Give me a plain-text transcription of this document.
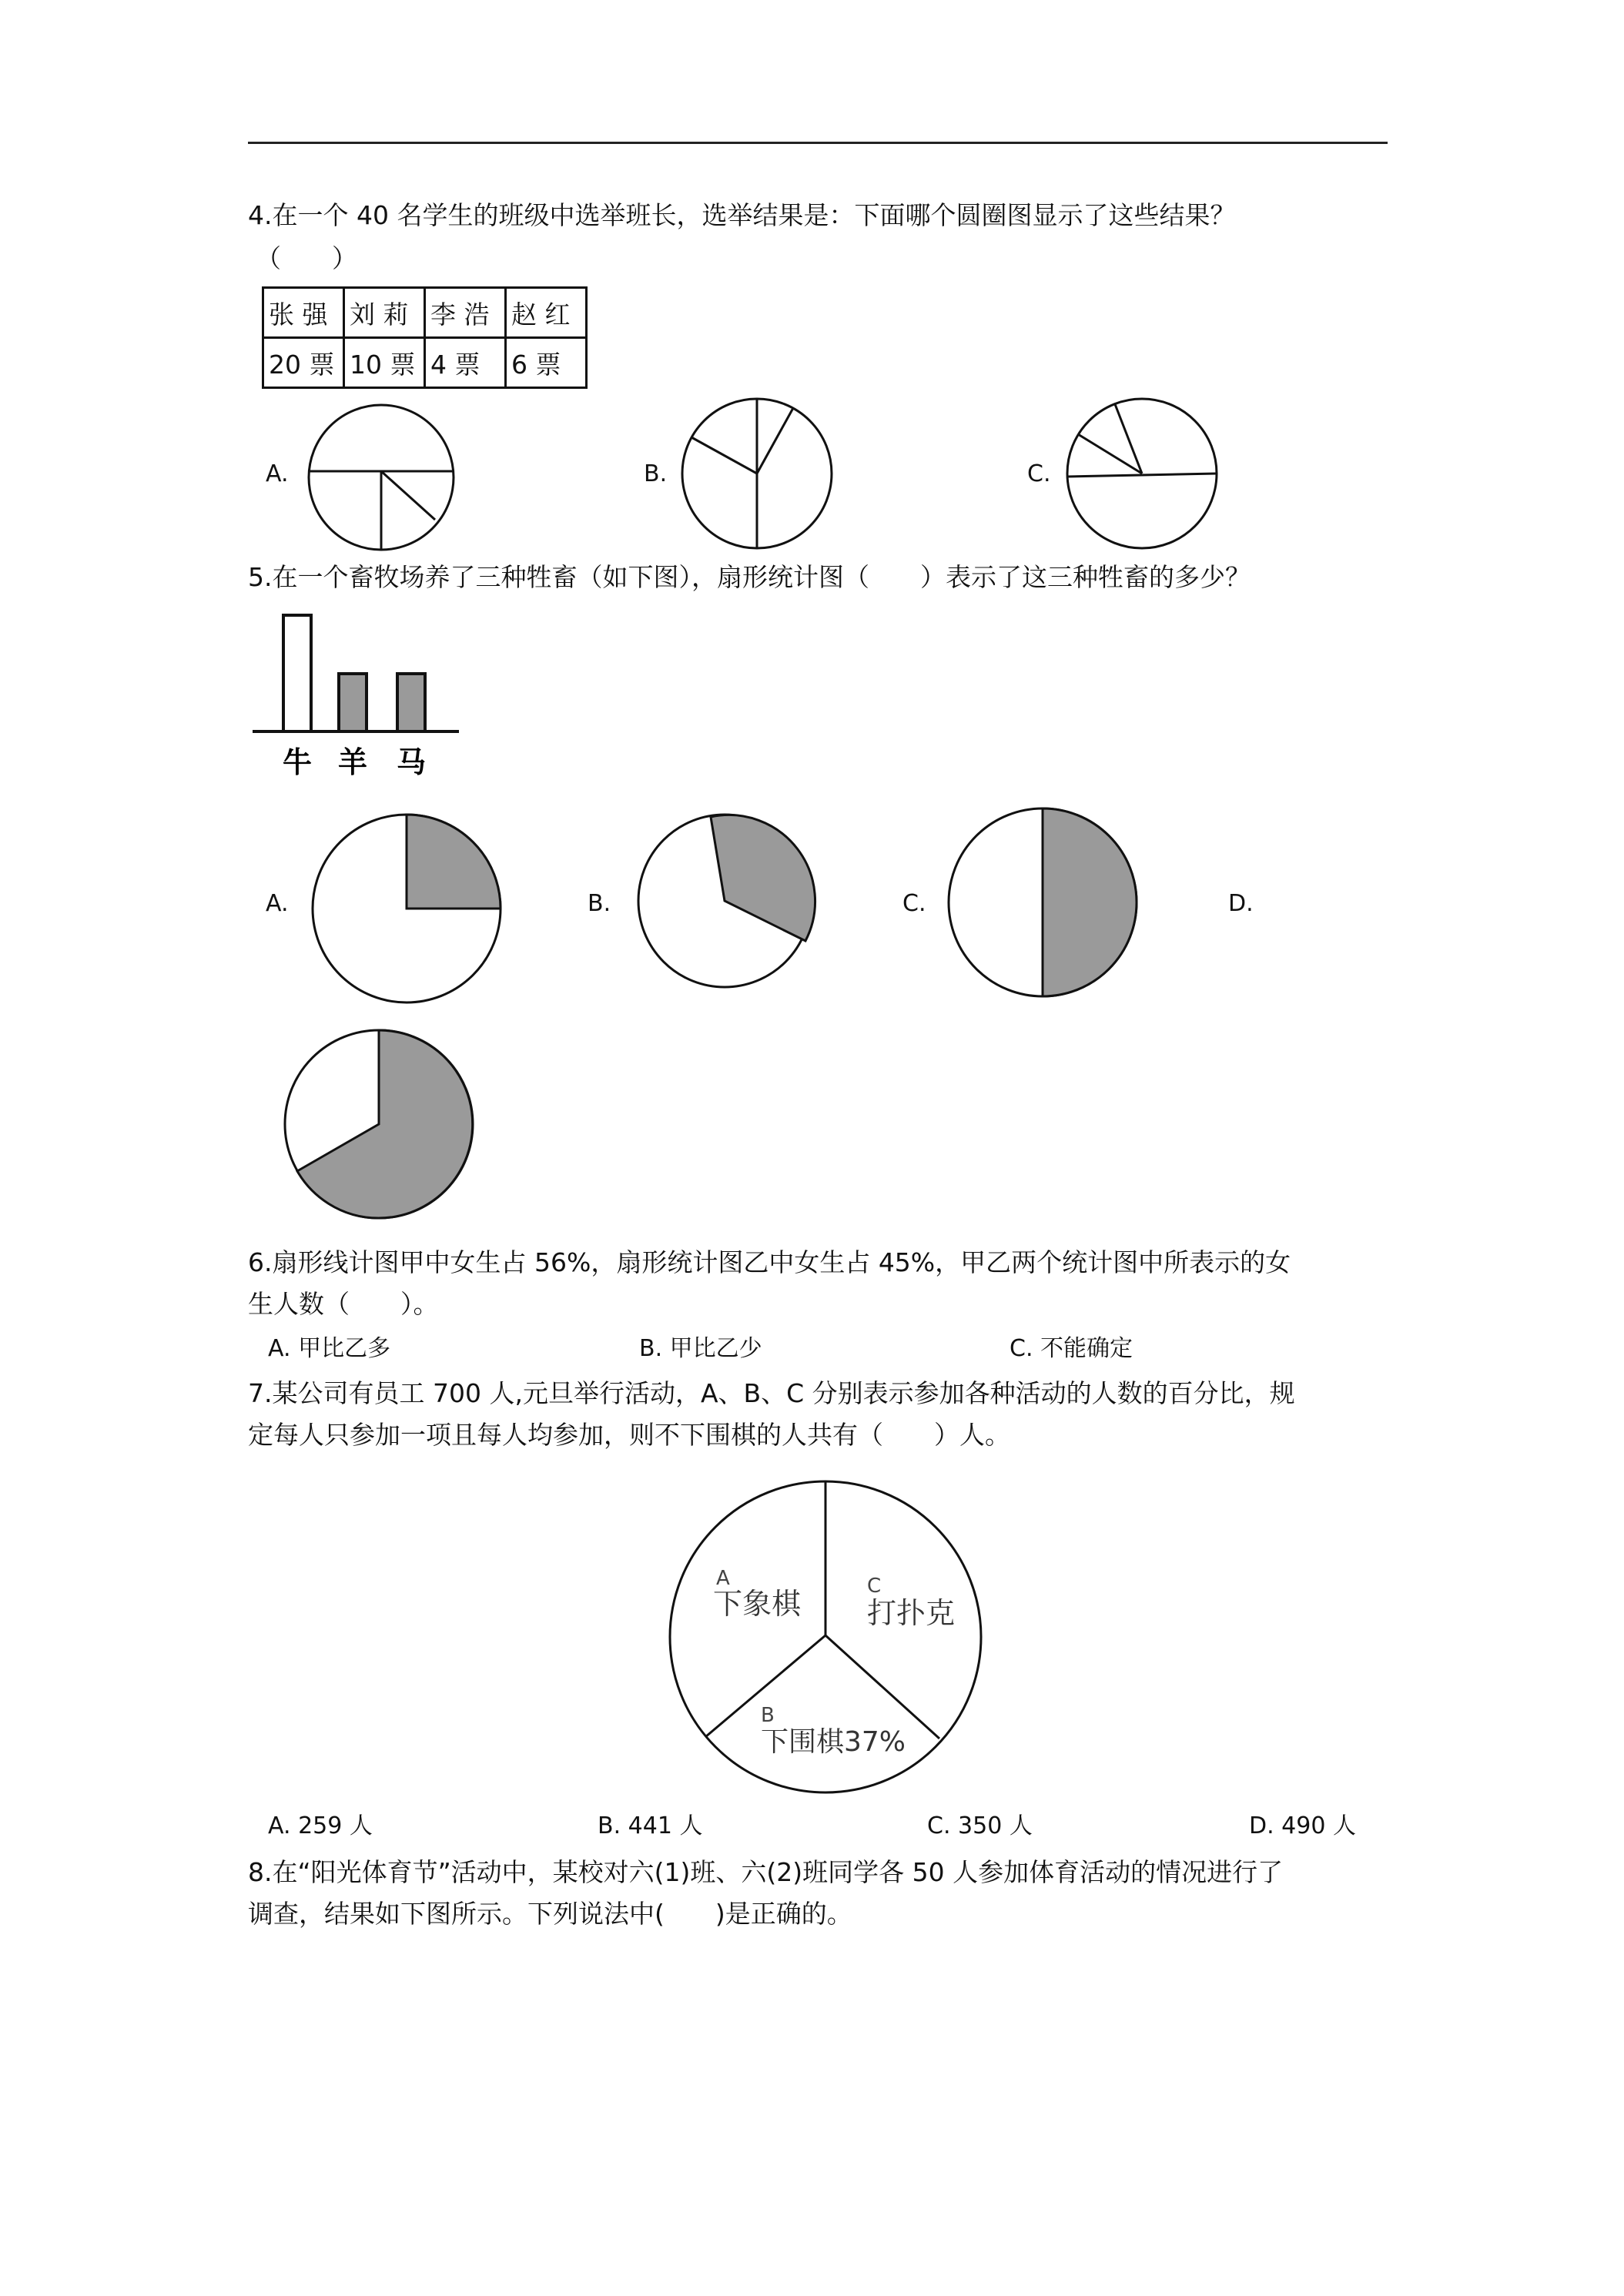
4.在一个 40 名学生的班级中选举班长，选举结果是：下面哪个圆圈图显示了这些结果？
（　　）
张 强	刘 莉	李 浩	赵 红
20 票	10 票	4 票	6 票
A.	B.	C.
5.在一个畜牧场养了三种牲畜（如下图），扇形统计图（　　）表示了这三种牲畜的多少？
牛 羊 马
A.	B.	C.	D.
6.扇形线计图甲中女生占 56%，扇形统计图乙中女生占 45%，甲乙两个统计图中所表示的女
生人数（　　）。
A. 甲比乙多	B. 甲比乙少	C. 不能确定
7.某公司有员工 700 人,元旦举行活动，A、B、C 分别表示参加各种活动的人数的百分比，规
定每人只参加一项且每人均参加，则不下围棋的人共有（　　）人。
A
下象棋
C
打扑克
B
下围棋37%
A. 259 人	B. 441 人	C. 350 人	D. 490 人
8.在“阳光体育节”活动中，某校对六(1)班、六(2)班同学各 50 人参加体育活动的情况进行了
调查，结果如下图所示。下列说法中(　　)是正确的。
